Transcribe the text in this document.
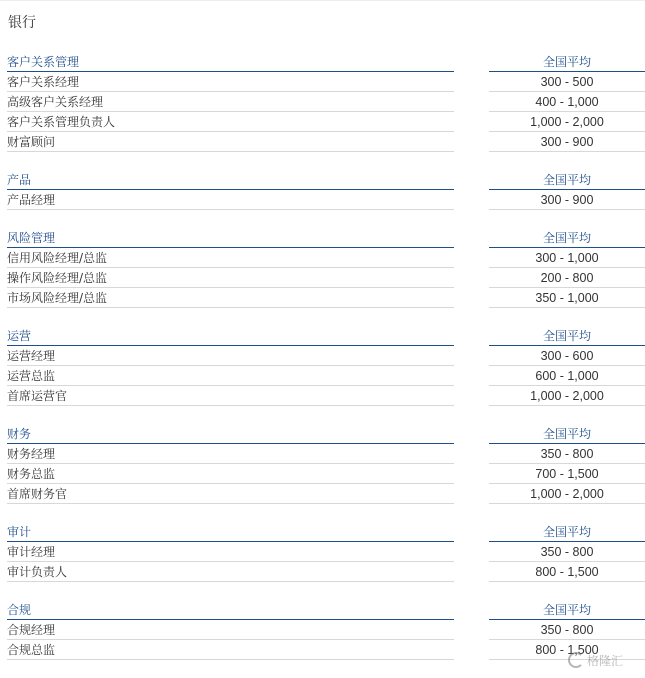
银行
客户关系管理	全国平均
客户关系经理	300 - 500
高级客户关系经理	400 - 1,000
客户关系管理负责人	1,000 - 2,000
财富顾问	300 - 900
产品	全国平均
产品经理	300 - 900
风险管理	全国平均
信用风险经理/总监	300 - 1,000
操作风险经理/总监	200 - 800
市场风险经理/总监	350 - 1,000
运营	全国平均
运营经理	300 - 600
运营总监	600 - 1,000
首席运营官	1,000 - 2,000
财务	全国平均
财务经理	350 - 800
财务总监	700 - 1,500
首席财务官	1,000 - 2,000
审计	全国平均
审计经理	350 - 800
审计负责人	800 - 1,500
合规	全国平均
合规经理	350 - 800
合规总监	800 - 1,500
格隆汇
